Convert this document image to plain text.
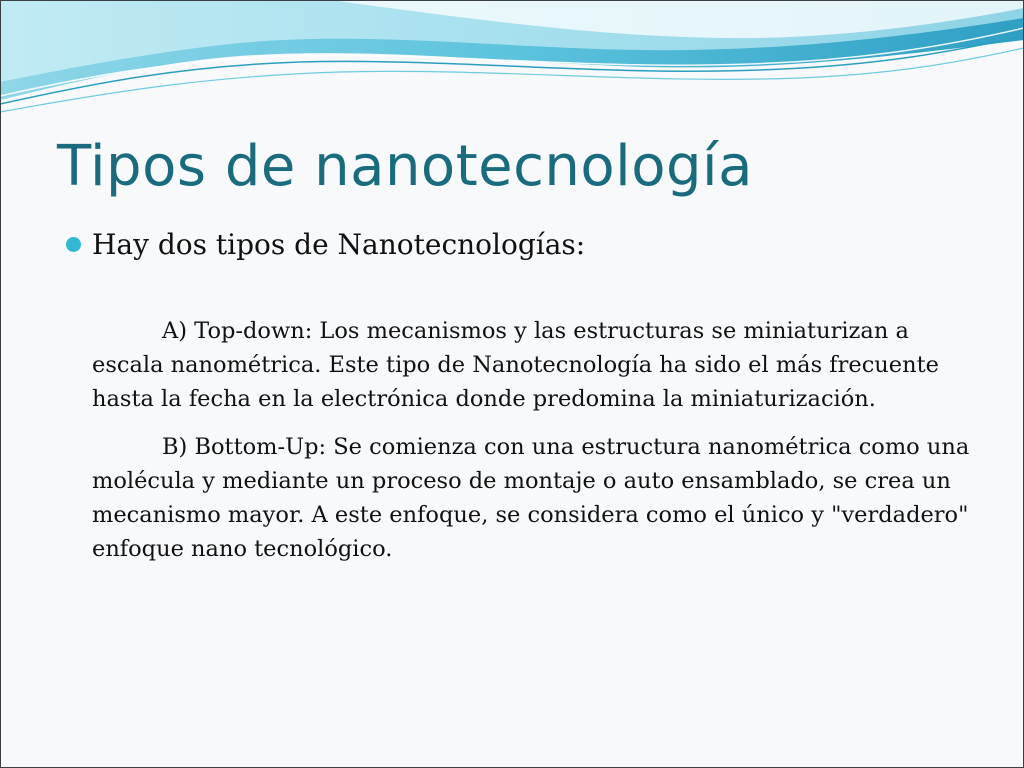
Tipos de nanotecnología
Hay dos tipos de Nanotecnologías:

A) Top-down: Los mecanismos y las estructuras se miniaturizan a escala nanométrica. Este tipo de Nanotecnología ha sido el más frecuente hasta la fecha en la electrónica donde predomina la miniaturización.

B) Bottom-Up: Se comienza con una estructura nanométrica como una molécula y mediante un proceso de montaje o auto ensamblado, se crea un mecanismo mayor. A este enfoque, se considera como el único y "verdadero" enfoque nano tecnológico.
